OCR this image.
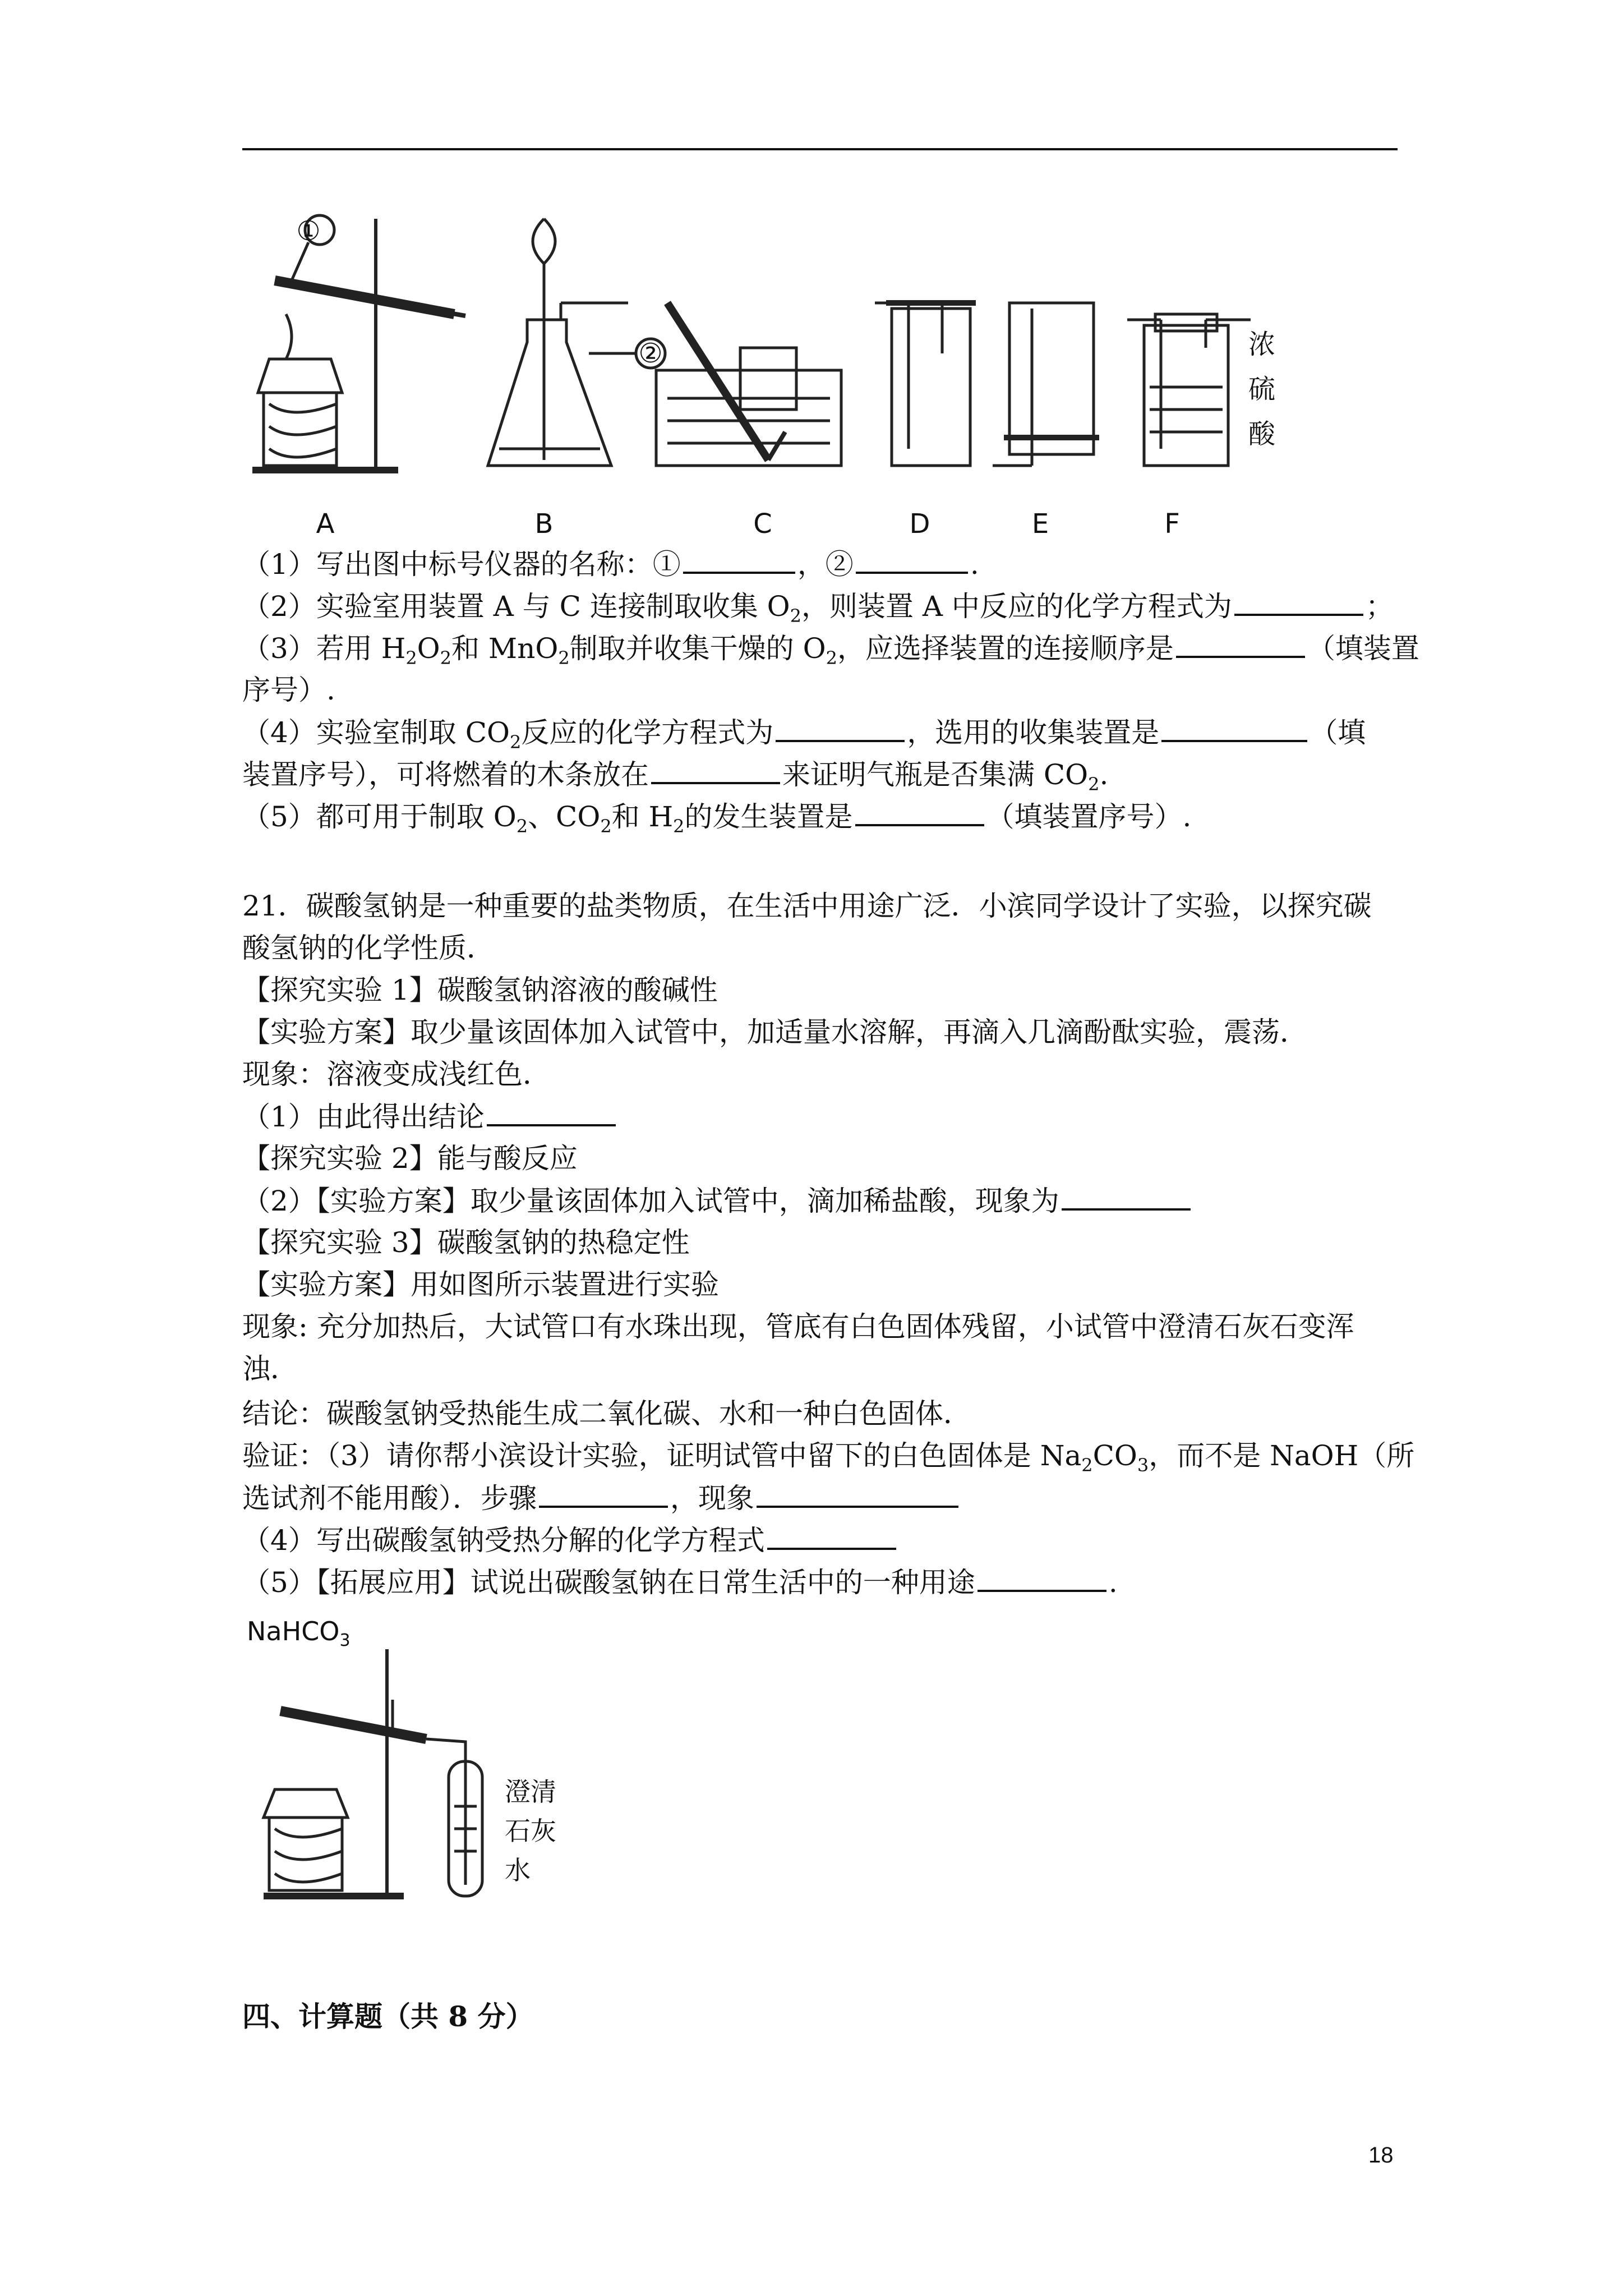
①
②
A	B	C	D	E	F
浓
硫
酸
（1）写出图中标号仪器的名称：①	，②	.
（2）实验室用装置 A 与 C 连接制取收集 $O_2$，则装置 A 中反应的化学方程式为	；
（3）若用 $H_2O_2$和 MnO$_2$制取并收集干燥的 $O_2$，应选择装置的连接顺序是	（填装置
序号）.
（4）实验室制取 $CO_2$反应的化学方程式为	，选用的收集装置是	（填
装置序号），可将燃着的木条放在	来证明气瓶是否集满 $CO_2$.
（5）都可用于制取 $O_2$、$CO_2$和 $H_2$的发生装置是	（填装置序号）.
21．碳酸氢钠是一种重要的盐类物质，在生活中用途广泛．小滨同学设计了实验，以探究碳
酸氢钠的化学性质．
【探究实验 1】碳酸氢钠溶液的酸碱性
【实验方案】取少量该固体加入试管中，加适量水溶解，再滴入几滴酚酞实验，震荡．
现象：溶液变成浅红色．
（1）由此得出结论
【探究实验 2】能与酸反应
（2）【实验方案】取少量该固体加入试管中，滴加稀盐酸，现象为
【探究实验 3】碳酸氢钠的热稳定性
【实验方案】用如图所示装置进行实验
现象: 充分加热后，大试管口有水珠出现，管底有白色固体残留，小试管中澄清石灰石变浑
浊．
结论：碳酸氢钠受热能生成二氧化碳、水和一种白色固体．
验证：（3）请你帮小滨设计实验，证明试管中留下的白色固体是 $Na_2CO_3$，而不是 NaOH（所
选试剂不能用酸）．步骤	，现象
（4）写出碳酸氢钠受热分解的化学方程式
（5）【拓展应用】试说出碳酸氢钠在日常生活中的一种用途	.
NaHCO$_3$
澄清
石灰
水
四、计算题（共 8 分）
18
